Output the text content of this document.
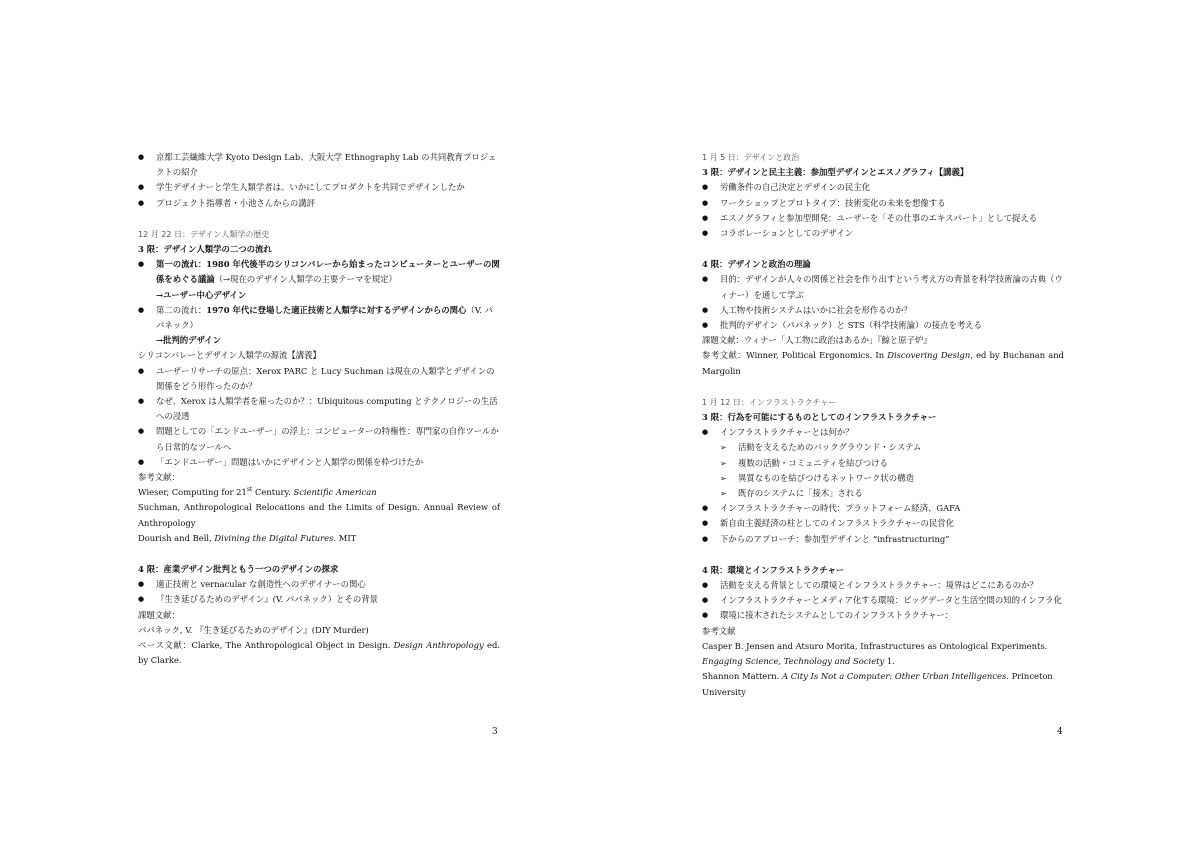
● 京都工芸繊維大学 Kyoto Design Lab、大阪大学 Ethnography Lab の共同教育プロジェクトの紹介
● 学生デザイナーと学生人類学者は、いかにしてプロダクトを共同でデザインしたか
● プロジェクト指導者・小池さんからの講評
12 月 22 日：デザイン人類学の歴史
3 限：デザイン人類学の二つの流れ
● 第一の流れ：1980 年代後半のシリコンバレーから始まったコンピューターとユーザーの関係をめぐる議論（→現在のデザイン人類学の主要テーマを規定）
→ユーザー中心デザイン
● 第二の流れ：1970 年代に登場した適正技術と人類学に対するデザインからの関心（V. パパネック）
→批判的デザイン
シリコンバレーとデザイン人類学の源流【講義】
● ユーザーリサーチの原点：Xerox PARC と Lucy Suchman は現在の人類学とデザインの関係をどう形作ったのか？
● なぜ、Xerox は人類学者を雇ったのか？：Ubiquitous computing とテクノロジーの生活への浸透
● 問題としての「エンドユーザー」の浮上：コンピューターの特権性：専門家の自作ツールから日常的なツールへ
● 「エンドユーザー」問題はいかにデザインと人類学の関係を枠づけたか
参考文献：
Wieser, Computing for 21st Century. Scientific American
Suchman, Anthropological Relocations and the Limits of Design. Annual Review of Anthropology
Dourish and Bell, Divining the Digital Futures. MIT
4 限：産業デザイン批判ともう一つのデザインの探求
● 適正技術と vernacular な創造性へのデザイナーの関心
● 『生き延びるためのデザイン』(V. パパネック）とその背景
課題文献：
パパネック, V. 『生き延びるためのデザイン』(DIY Murder)
ベース文献：Clarke, The Anthropological Object in Design. Design Anthropology ed. by Clarke.
3
1 月 5 日：デザインと政治
3 限：デザインと民主主義：参加型デザインとエスノグラフィ【講義】
● 労働条件の自己決定とデザインの民主化
● ワークショップとプロトタイプ：技術変化の未来を想像する
● エスノグラフィと参加型開発：ユーザーを「その仕事のエキスパート」として捉える
● コラボレーションとしてのデザイン
4 限：デザインと政治の理論
● 目的：デザインが人々の関係と社会を作り出すという考え方の背景を科学技術論の古典（ウィナー）を通して学ぶ
● 人工物や技術システムはいかに社会を形作るのか？
● 批判的デザイン（パパネック）と STS（科学技術論）の接点を考える
課題文献：ウィナー「人工物に政治はあるか」『鯨と原子炉』
参考文献：Winner, Political Ergonomics. In Discovering Design, ed by Buchanan and Margolin
1 月 12 日：インフラストラクチャー
3 限：行為を可能にするものとしてのインフラストラクチャー
● インフラストラクチャーとは何か？
➢ 活動を支えるためのバックグラウンド・システム
➢ 複数の活動・コミュニティを結びつける
➢ 異質なものを結びつけるネットワーク状の構造
➢ 既存のシステムに「接木」される
● インフラストラクチャーの時代：プラットフォーム経済、GAFA
● 新自由主義経済の柱としてのインフラストラクチャーの民営化
● 下からのアプローチ：参加型デザインと “infrastructuring”
4 限：環境とインフラストラクチャー
● 活動を支える背景としての環境とインフラストラクチャー：境界はどこにあるのか？
● インフラストラクチャーとメディア化する環境：ビッグデータと生活空間の知的インフラ化
● 環境に接木されたシステムとしてのインフラストラクチャー：
参考文献
Casper B. Jensen and Atsuro Morita, Infrastructures as Ontological Experiments. Engaging Science, Technology and Society 1.
Shannon Mattern. A City Is Not a Computer: Other Urban Intelligences. Princeton University
4
